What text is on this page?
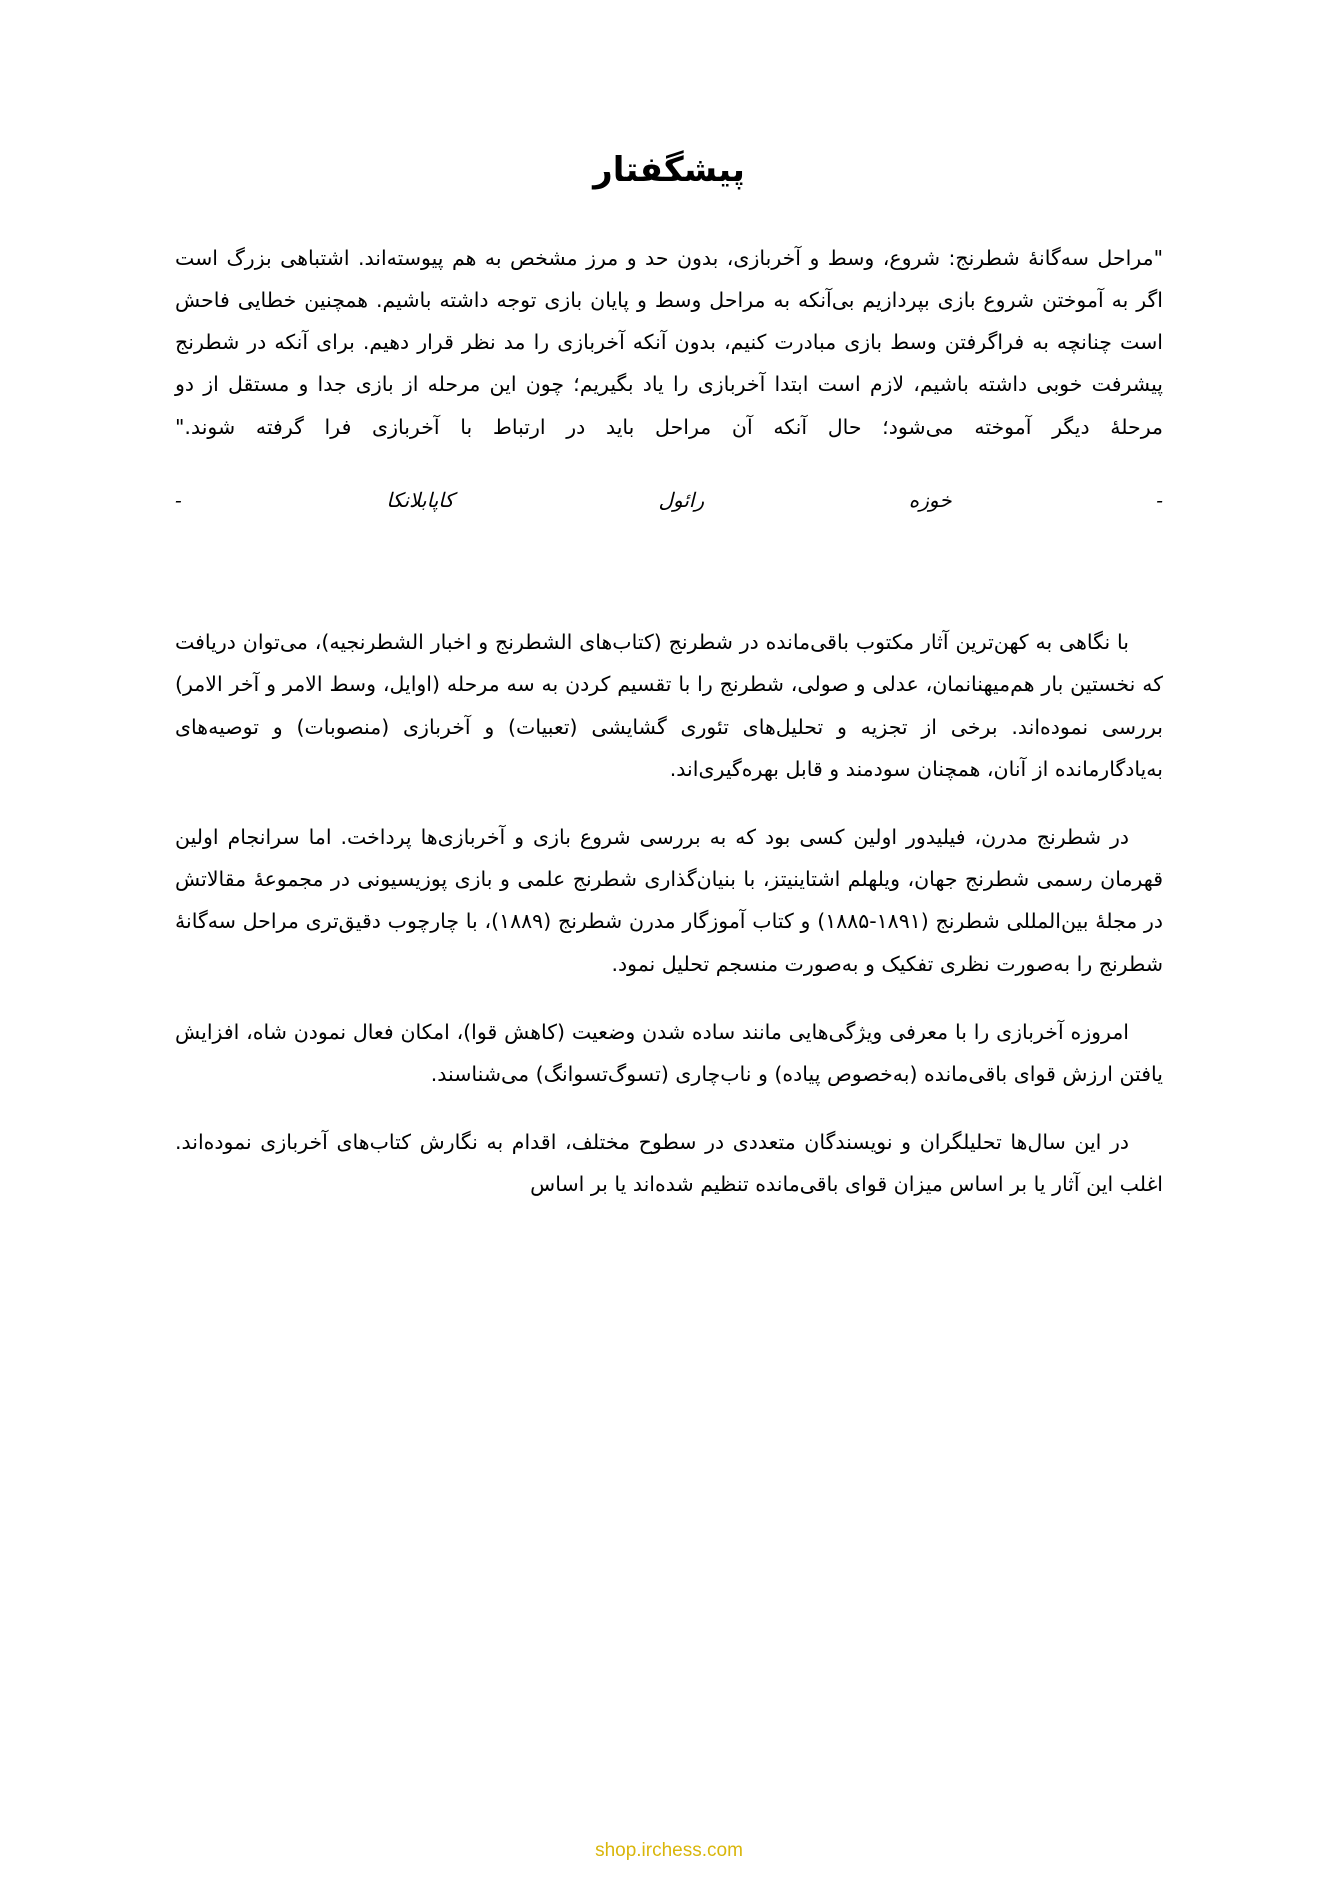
پیشگفتار

"مراحل سه‌گانهٔ شطرنج: شروع، وسط و آخربازی، بدون حد و مرز مشخص به هم پیوسته‌اند. اشتباهی بزرگ است اگر به آموختن شروع بازی بپردازیم بی‌آنکه به مراحل وسط و پایان بازی توجه داشته باشیم. همچنین خطایی فاحش است چنانچه به فراگرفتن وسط بازی مبادرت کنیم، بدون آنکه آخربازی را مد نظر قرار دهیم. برای آنکه در شطرنج پیشرفت خوبی داشته باشیم، لازم است ابتدا آخربازی را یاد بگیریم؛ چون این مرحله از بازی جدا و مستقل از دو مرحلهٔ دیگر آموخته می‌شود؛ حال آنکه آن مراحل باید در ارتباط با آخربازی فرا گرفته شوند."

- خوزه رائول کاپابلانکا -

با نگاهی به کهن‌ترین آثار مکتوب باقی‌مانده در شطرنج (کتاب‌های الشطرنج و اخبار الشطرنجیه)، می‌توان دریافت که نخستین بار هم‌میهنانمان، عدلی و صولی، شطرنج را با تقسیم کردن به سه مرحله (اوایل، وسط الامر و آخر الامر) بررسی نموده‌اند. برخی از تجزیه و تحلیل‌های تئوری گشایشی (تعبیات) و آخربازی (منصوبات) و توصیه‌های به‌یادگارمانده از آنان، همچنان سودمند و قابل بهره‌گیری‌اند.

در شطرنج مدرن، فیلیدور اولین کسی بود که به بررسی شروع بازی و آخربازی‌ها پرداخت. اما سرانجام اولین قهرمان رسمی شطرنج جهان، ویلهلم اشتاینیتز، با بنیان‌گذاری شطرنج علمی و بازی پوزیسیونی در مجموعهٔ مقالاتش در مجلهٔ بین‌المللی شطرنج (۱۸۹۱-۱۸۸۵) و کتاب آموزگار مدرن شطرنج (۱۸۸۹)، با چارچوب دقیق‌تری مراحل سه‌گانهٔ شطرنج را به‌صورت نظری تفکیک و به‌صورت منسجم تحلیل نمود.

امروزه آخربازی را با معرفی ویژگی‌هایی مانند ساده شدن وضعیت (کاهش قوا)، امکان فعال نمودن شاه، افزایش یافتن ارزش قوای باقی‌مانده (به‌خصوص پیاده) و ناب‌چاری (تسوگ‌تسوانگ) می‌شناسند.

در این سال‌ها تحلیلگران و نویسندگان متعددی در سطوح مختلف، اقدام به نگارش کتاب‌های آخربازی نموده‌اند. اغلب این آثار یا بر اساس میزان قوای باقی‌مانده تنظیم شده‌اند یا بر اساس

shop.irchess.com
